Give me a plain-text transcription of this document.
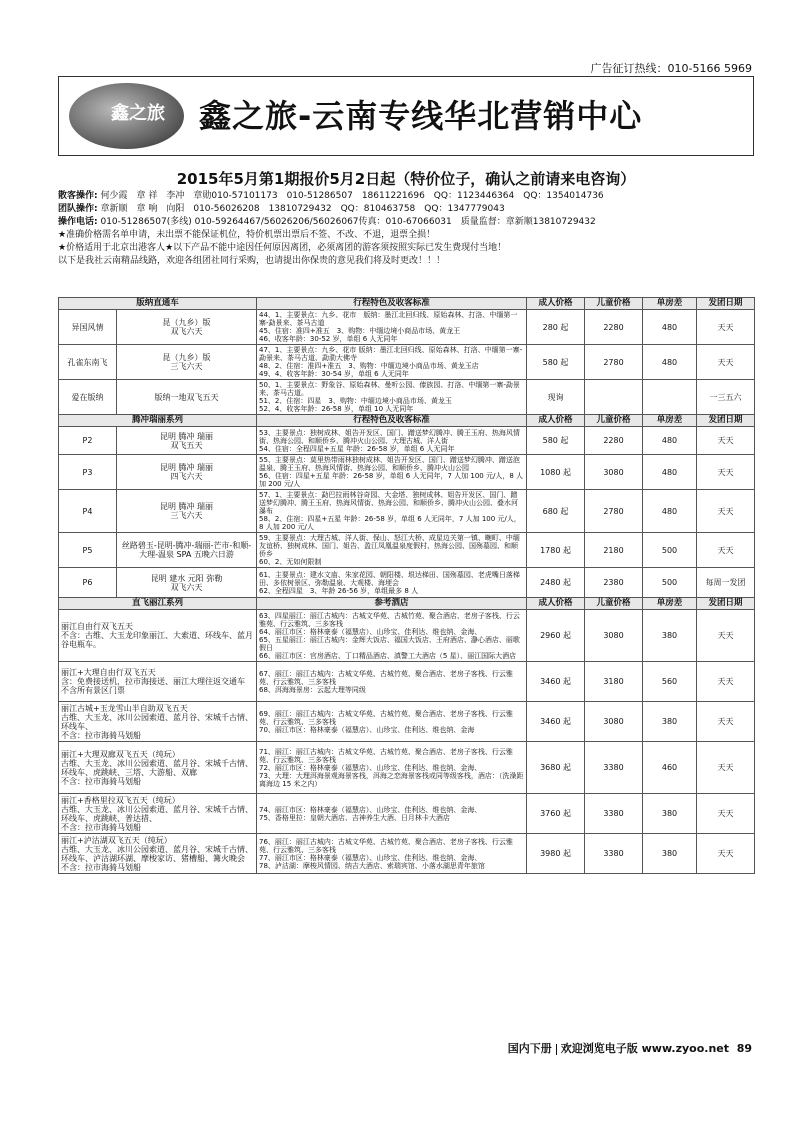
广告征订热线：010-5166 5969
鑫之旅 鑫之旅-云南专线华北营销中心
2015年5月第1期报价5月2日起（特价位子，确认之前请来电咨询）
散客操作: 何少霞　章 祥　李冲　章勋010-57101173　010-51286507　18611221696　QQ：1123446364　QQ：1354014736
团队操作: 章新顺　章 响　向阳　010-56026208　13810729432　QQ：810463758　QQ：1347779043
操作电话: 010-51286507(多线) 010-59264467/56026206/56026067传真：010-67066031　质量监督：章新顺13810729432
★准确价格需名单申请，未出票不能保证机位，特价机票出票后不签、不改、不退，退票全损！
★价格适用于北京出港客人★以下产品不能中途因任何原因离团，必须离团的游客须按照实际已发生费现付当地！
以下是我社云南精品线路，欢迎各组团社同行采购，也请提出你保贵的意见我们将及时更改！！！
版纳直通车		行程特色及收客标准	成人价格	儿童价格	单房差	发团日期
异国风情	昆（九乡）版
双飞六天	44、1、主要景点：九乡、花市　版纳：墨江北回归线、原始森林、打洛、中缅第一寨-勐景来、茶马古道
45、住宿：准四+准五　3、购物：中缅边境小商品市场、黄龙王
46、收客年龄：30-52 岁，单组 6 人无同年	280 起	2280	480	天天
孔雀东南飞	昆（九乡）版
三飞六天	47、1、主要景点：九乡、花市 版纳：墨江北回归线、原始森林、打洛、中缅第一寨-勐景来、茶马古道、勐泐大佛寺
48、2、住宿：准四+准五　3、购物：中缅边境小商品市场、黄龙玉店
49、4、收客年龄：30-54 岁，单组 6 人无同年	580 起	2780	480	天天
爱在版纳	版纳一地双飞五天	50、1、主要景点：野象谷、原始森林、曼听公园、傣族园、打洛、中缅第一寨-勐景来、茶马古道。
51、2、住宿：四星　3、购物：中缅边境小商品市场、黄龙玉
52、4、收客年龄：26-58 岁，单组 10 人无同年	现询			一三五六
腾冲瑞丽系列		行程特色及收客标准	成人价格	儿童价格	单房差	发团日期
P2	昆明 腾冲 瑞丽
双飞五天	53、主要景点：独树成林、姐告开发区、国门、蹭送梦幻腾冲、腾王玉府、热海风情街、热海公园、和顺侨乡、腾冲火山公园、大理古城、洋人街
54、住宿：全程四星+五星 年龄：26-58 岁，单组 6 人无同年	580 起	2280	480	天天
P3	昆明 腾冲 瑞丽
四飞六天	55、主要景点：莫里热带雨林独树成林、姐告开发区、国门、蹭送梦幻腾冲、蹭送泡温泉、腾王玉府、热海风情街、热海公园、和顺侨乡、腾冲火山公园
56、住宿：四星+五星 年龄：26-58 岁，单组 6 人无同年，7 人加 100 元/人，8 人加 200 元/人	1080 起	3080	480	天天
P4	昆明 腾冲 瑞丽
三飞六天	57、1、主要景点：勐巴拉雨林谷奇园、大金塔、独树成林、姐告开发区、国门、蹭送梦幻腾冲、腾王玉府、热海风情街、热海公园、和顺侨乡、腾冲火山公园、叠水河瀑布
58、2、住宿：四星+五星 年龄：26-58 岁，单组 6 人无同年，7 人加 100 元/人，8 人加 200 元/人	680 起	2780	480	天天
P5	丝路碧玉-昆明-腾冲-瑞丽-芒市-和顺-大理-温泉 SPA 五晚六日游	59、主要景点：大理古城、洋人街、保山、怒江大桥、成星边关第一镇、畹町、中缅友谊桥、独树成林、国门、姐告、盈江凤凰温泉度假村、热海公园、国殇墓园、和顺侨乡
60、2、无如何限制	1780 起	2180	500	天天
P6	昆明 建水 元阳 弥勒
双飞六天	61、主要景点：建水文庙、朱家花园、朝阳楼、垠达梯田、国殇墓园、老虎嘴日落梯田、多依树景区、弥勒温泉、大观楼、海埂会
62、全程四星　3、年龄 26-56 岁，单组最多 8 人	2480 起	2380	500	每周一发团
直飞丽江系列		参考酒店	成人价格	儿童价格	单房差	发团日期
丽江自由行双飞五天
不含：古维、大玉龙印象丽江、大索道、环线车、蓝月谷电瓶车。		63、四星丽江：丽江古城内：古城文华苑、古城竹苑、聚合酒店、老房子客栈、行云雅苑、行云雅筑、三多客栈
64、丽江市区：格林豪泰（福慧店）、山珍宝、佳利达、维也纳、金海、
65、五星丽江：丽江古城内：金辉大饭店、福国大饭店、王府酒店、瀞心酒店、丽歌假日
66、丽江市区：官房酒店、丁口精品酒店、滇警工大酒店（5 星）、丽江国际大酒店	2960 起	3080	380	天天
丽江+大理自由行双飞五天
含：免费接送机，拉市海接送、丽江大理往返交通车
不含所有景区门票		67、丽江：丽江古城内：古城文华苑、古城竹苑、聚合酒店、老房子客栈、行云雅苑、行云雅筑、三多客栈
68、洱海海景房：云起大理等同级	3460 起	3180	560	天天
丽江古城+玉龙雪山半自助双飞五天
古维、大玉龙、冰川公园索道、蓝月谷、宋城千古情、环线车、
不含：拉市海骑马划船		69、丽江：丽江古城内：古城文华苑、古城竹苑、聚合酒店、老房子客栈、行云雅苑、行云雅筑、三多客栈
70、丽江市区：格林豪泰（福慧店）、山珍宝、佳利达、维也纳、金海	3460 起	3080	380	天天
丽江+大理双廊双飞五天（纯玩）
古维、大玉龙、冰川公园索道、蓝月谷、宋城千古情、环线车、虎跳峡、三塔、大游船、双廊
不含：拉市海骑马划船		71、丽江：丽江古城内：古城文华苑、古城竹苑、聚合酒店、老房子客栈、行云雅苑、行云雅筑、三多客栈
72、丽江市区：格林豪泰（福慧店）、山珍宝、佳利达、维也纳、金海、
73、大理：大理洱海景观海景客栈，洱海之恋海景客栈或同等级客栈，酒店：（洗澡距离海边 15 米之内）	3680 起	3380	460	天天
丽江+香格里拉双飞五天（纯玩）
古维、大玉龙、冰川公园索道、蓝月谷、宋城千古情、环线车、虎跳峡、普达措、
不含：拉市海骑马划船		74、丽江市区：格林豪泰（福慧店）、山珍宝、佳利达、维也纳、金海、
75、香格里拉：皇朝大酒店、吉神养生大酒、日月林卡大酒店	3760 起	3380	380	天天
丽江+泸沽湖双飞五天（纯玩）
古维、大玉龙、冰川公园索道、蓝月谷、宋城千古情、环线车、泸沽湖环湖、摩梭家访、猪槽船、篝火晚会
不含：拉市海骑马划船		76、丽江：丽江古城内：古城文华苑、古城竹苑、聚合酒店、老房子客栈、行云雅苑、行云雅筑、三多客栈
77、丽江市区：格林豪泰（福慧店）、山珍宝、佳利达、维也纳、金海、
78、泸沽湖：摩梭风情园、纳吉大酒店、索瑞宾馆、小落水湖思青年旅馆	3980 起	3380	380	天天
国内下册 欢迎浏览电子版 www.zyoo.net 89
